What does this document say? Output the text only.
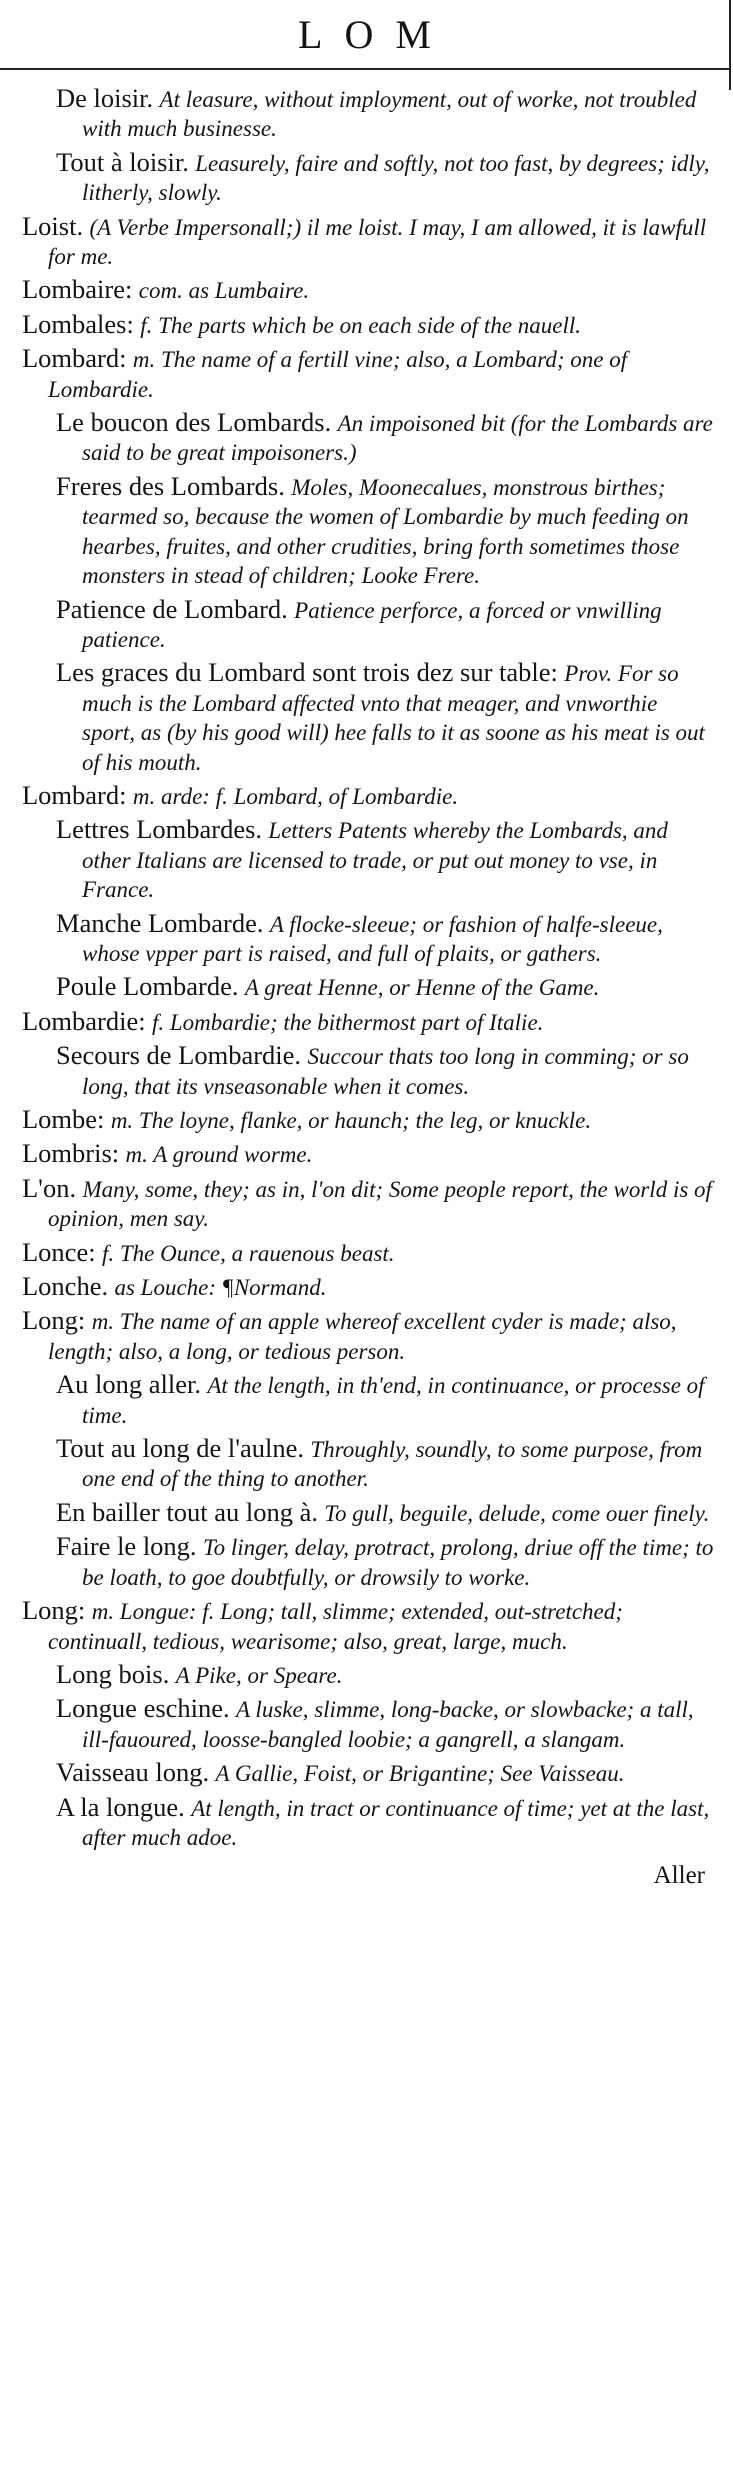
LOM
De loisir. At leasure, without imployment, out of worke, not troubled with much businesse.
Tout à loisir. Leasurely, faire and softly, not too fast, by degrees; idly, litherly, slowly.
Loist. (A Verbe Impersonall;) il me loist. I may, I am allowed, it is lawfull for me.
Lombaire: com. as Lumbaire.
Lombales: f. The parts which be on each side of the nauell.
Lombard: m. The name of a fertill vine; also, a Lombard; one of Lombardie.
Le boucon des Lombards. An impoisoned bit (for the Lombards are said to be great impoisoners.)
Freres des Lombards. Moles, Moonecalues, monstrous birthes; tearmed so, because the women of Lombardie by much feeding on hearbes, fruites, and other crudities, bring forth sometimes those monsters in stead of children; Looke Frere.
Patience de Lombard. Patience perforce, a forced or vnwilling patience.
Les graces du Lombard sont trois dez sur table: Prov. For so much is the Lombard affected vnto that meager, and vnworthie sport, as (by his good will) hee falls to it as soone as his meat is out of his mouth.
Lombard: m. arde: f. Lombard, of Lombardie.
Lettres Lombardes. Letters Patents whereby the Lombards, and other Italians are licensed to trade, or put out money to vse, in France.
Manche Lombarde. A flocke-sleeue; or fashion of halfe-sleeue, whose vpper part is raised, and full of plaits, or gathers.
Poule Lombarde. A great Henne, or Henne of the Game.
Lombardie: f. Lombardie; the bithermost part of Italie.
Secours de Lombardie. Succour thats too long in comming; or so long, that its vnseasonable when it comes.
Lombe: m. The loyne, flanke, or haunch; the leg, or knuckle.
Lombris: m. A ground worme.
L'on. Many, some, they; as in, l'on dit; Some people report, the world is of opinion, men say.
Lonce: f. The Ounce, a rauenous beast.
Lonche. as Louche: ¶Normand.
Long: m. The name of an apple whereof excellent cyder is made; also, length; also, a long, or tedious person.
Au long aller. At the length, in th'end, in continuance, or processe of time.
Tout au long de l'aulne. Throughly, soundly, to some purpose, from one end of the thing to another.
En bailler tout au long à. To gull, beguile, delude, come ouer finely.
Faire le long. To linger, delay, protract, prolong, driue off the time; to be loath, to goe doubtfully, or drowsily to worke.
Long: m. Longue: f. Long; tall, slimme; extended, out-stretched; continuall, tedious, wearisome; also, great, large, much.
Long bois. A Pike, or Speare.
Longue eschine. A luske, slimme, long-backe, or slowbacke; a tall, ill-fauoured, loosse-bangled loobie; a gangrell, a slangam.
Vaisseau long. A Gallie, Foist, or Brigantine; See Vaisseau.
A la longue. At length, in tract or continuance of time; yet at the last, after much adoe.
Aller
